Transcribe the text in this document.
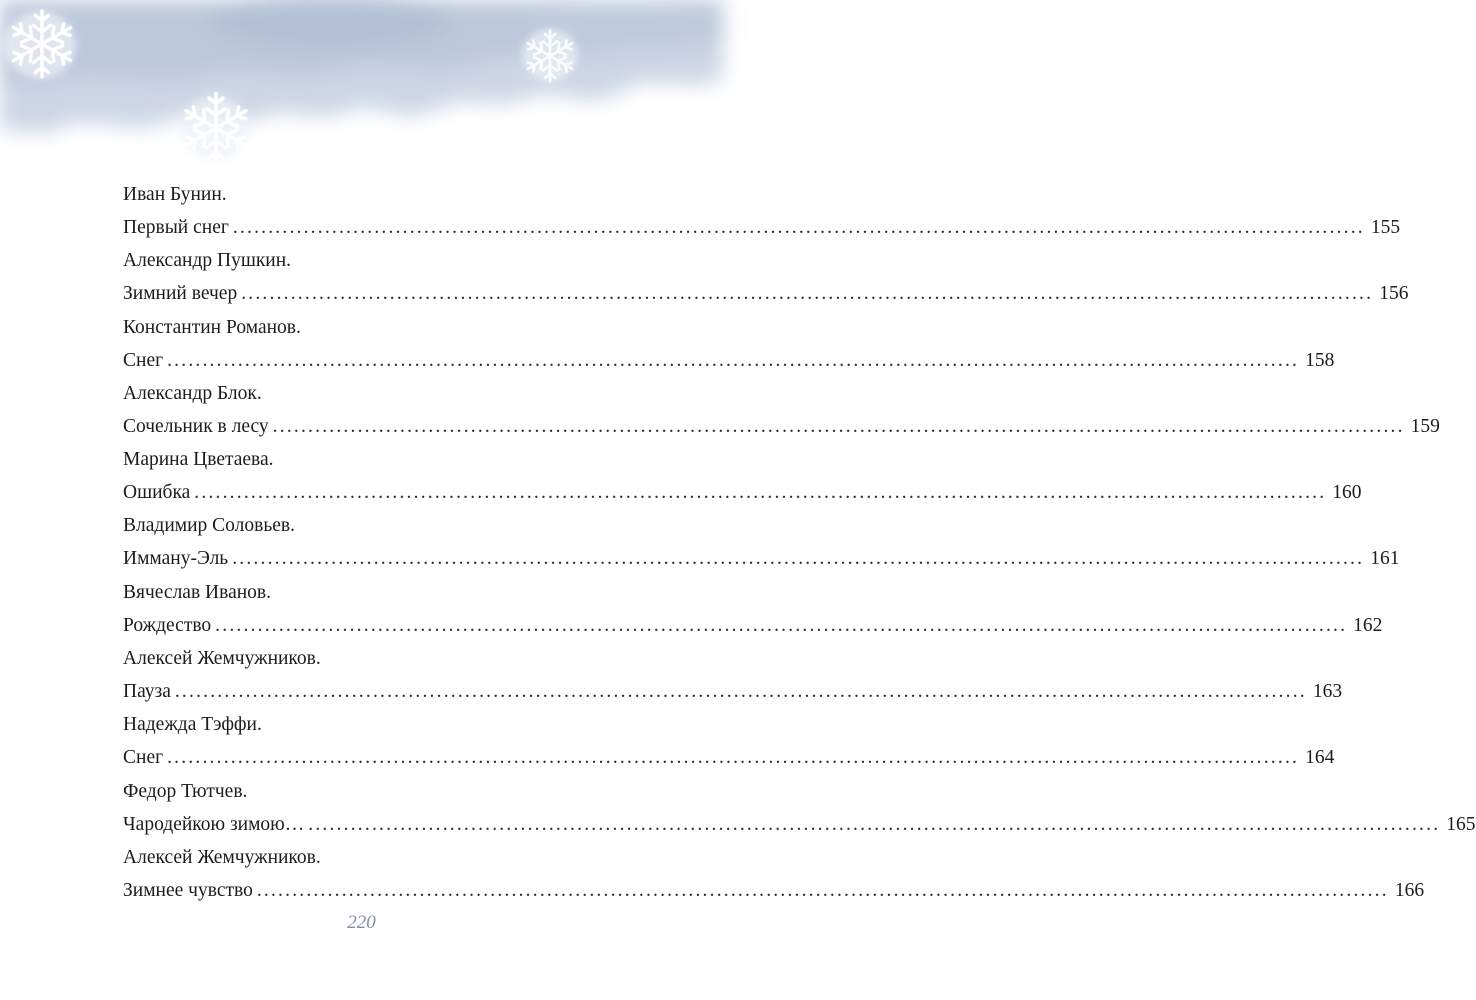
Иван Бунин.
Первый снег ................................................................................................................................................................ 155
Александр Пушкин.
Зимний вечер ................................................................................................................................................................ 156
Константин Романов.
Снег ................................................................................................................................................................ 158
Александр Блок.
Сочельник в лесу ................................................................................................................................................................ 159
Марина Цветаева.
Ошибка ................................................................................................................................................................ 160
Владимир Соловьев.
Имману-Эль ................................................................................................................................................................ 161
Вячеслав Иванов.
Рождество ................................................................................................................................................................ 162
Алексей Жемчужников.
Пауза ................................................................................................................................................................ 163
Надежда Тэффи.
Снег ................................................................................................................................................................ 164
Федор Тютчев.
Чародейкою зимою… ................................................................................................................................................................ 165
Алексей Жемчужников.
Зимнее чувство ................................................................................................................................................................ 166
220
